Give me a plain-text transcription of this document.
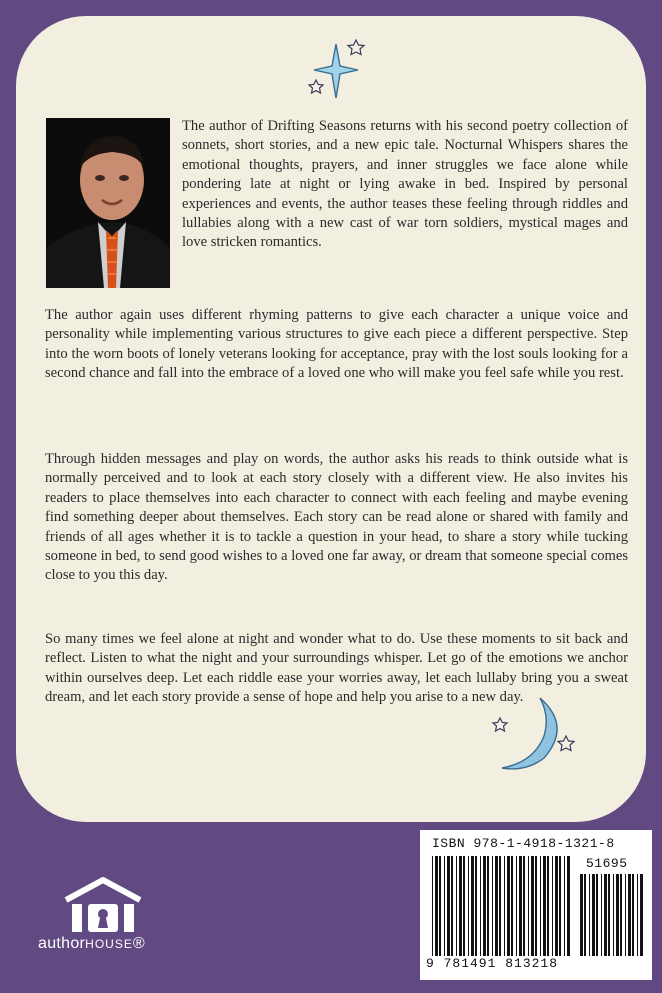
The author of Drifting Seasons returns with his second poetry collection of sonnets, short stories, and a new epic tale. Nocturnal Whispers shares the emotional thoughts, prayers, and inner struggles we face alone while pondering late at night or lying awake in bed. Inspired by personal experiences and events, the author teases these feeling through riddles and lullabies along with a new cast of war torn soldiers, mystical mages and love stricken romantics.
The author again uses different rhyming patterns to give each character a unique voice and personality while implementing various structures to give each piece a different perspective. Step into the worn boots of lonely veterans looking for acceptance, pray with the lost souls looking for a second chance and fall into the embrace of a loved one who will make you feel safe while you rest.
Through hidden messages and play on words, the author asks his reads to think outside what is normally perceived and to look at each story closely with a different view. He also invites his readers to place themselves into each character to connect with each feeling and maybe evening find something deeper about themselves. Each story can be read alone or shared with family and friends of all ages whether it is to tackle a question in your head, to share a story while tucking someone in bed, to send good wishes to a loved one far away, or dream that someone special comes close to you this day.
So many times we feel alone at night and wonder what to do. Use these moments to sit back and reflect. Listen to what the night and your surroundings whisper. Let go of the emotions we anchor within ourselves deep. Let each riddle ease your worries away, let each lullaby bring you a sweat dream, and let each story provide a sense of hope and help you arise to a new day.
authorHOUSE®
ISBN 978-1-4918-1321-8
51695
9 781491 813218
